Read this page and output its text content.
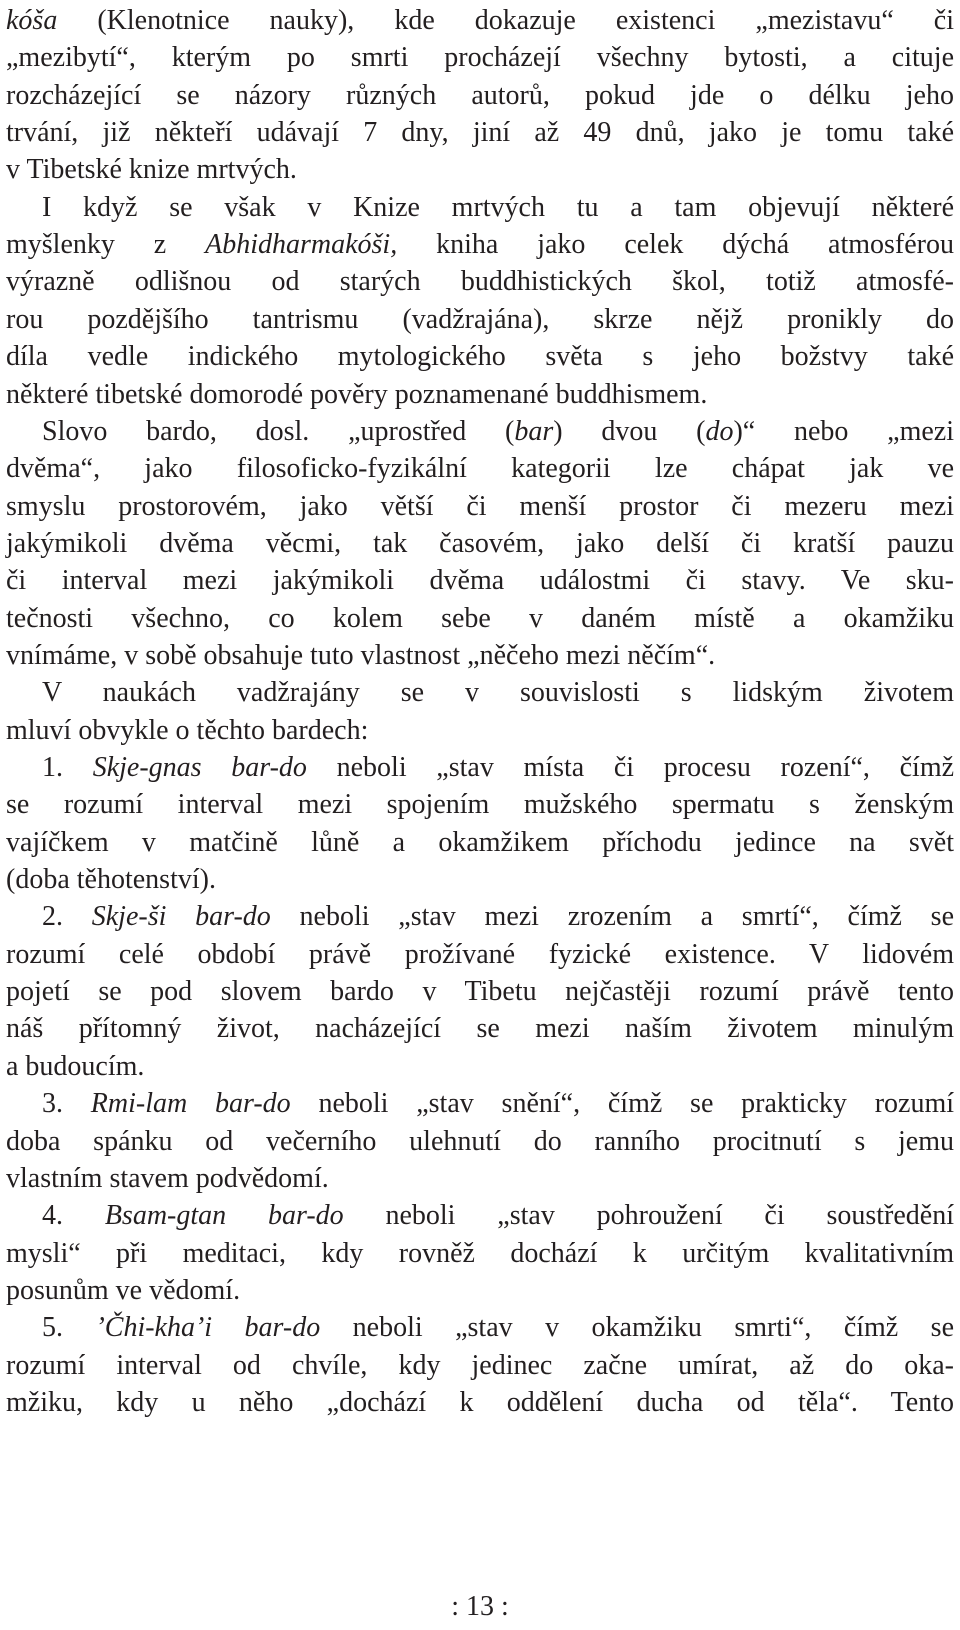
kóša (Klenotnice nauky), kde dokazuje existenci „mezistavu“ či
„mezibytí“, kterým po smrti procházejí všechny bytosti, a cituje
rozcházející se názory různých autorů, pokud jde o délku jeho
trvání, již někteří udávají 7 dny, jiní až 49 dnů, jako je tomu také
v Tibetské knize mrtvých.
I když se však v Knize mrtvých tu a tam objevují některé
myšlenky z Abhidharmakóši, kniha jako celek dýchá atmosférou
výrazně odlišnou od starých buddhistických škol, totiž atmosfé-
rou pozdějšího tantrismu (vadžrajána), skrze nějž pronikly do
díla vedle indického mytologického světa s jeho božstvy také
některé tibetské domorodé pověry poznamenané buddhismem.
Slovo bardo, dosl. „uprostřed (bar) dvou (do)“ nebo „mezi
dvěma“, jako filosoficko-fyzikální kategorii lze chápat jak ve
smyslu prostorovém, jako větší či menší prostor či mezeru mezi
jakýmikoli dvěma věcmi, tak časovém, jako delší či kratší pauzu
či interval mezi jakýmikoli dvěma událostmi či stavy. Ve sku-
tečnosti všechno, co kolem sebe v daném místě a okamžiku
vnímáme, v sobě obsahuje tuto vlastnost „něčeho mezi něčím“.
V naukách vadžrajány se v souvislosti s lidským životem
mluví obvykle o těchto bardech:
1. Skje-gnas bar-do neboli „stav místa či procesu rození“, čímž
se rozumí interval mezi spojením mužského spermatu s ženským
vajíčkem v matčině lůně a okamžikem příchodu jedince na svět
(doba těhotenství).
2. Skje-ši bar-do neboli „stav mezi zrozením a smrtí“, čímž se
rozumí celé období právě prožívané fyzické existence. V lidovém
pojetí se pod slovem bardo v Tibetu nejčastěji rozumí právě tento
náš přítomný život, nacházející se mezi naším životem minulým
a budoucím.
3. Rmi-lam bar-do neboli „stav snění“, čímž se prakticky rozumí
doba spánku od večerního ulehnutí do ranního procitnutí s jemu
vlastním stavem podvědomí.
4. Bsam-gtan bar-do neboli „stav pohroužení či soustředění
mysli“ při meditaci, kdy rovněž dochází k určitým kvalitativním
posunům ve vědomí.
5. ’Čhi-kha’i bar-do neboli „stav v okamžiku smrti“, čímž se
rozumí interval od chvíle, kdy jedinec začne umírat, až do oka-
mžiku, kdy u něho „dochází k oddělení ducha od těla“. Tento
: 13 :
